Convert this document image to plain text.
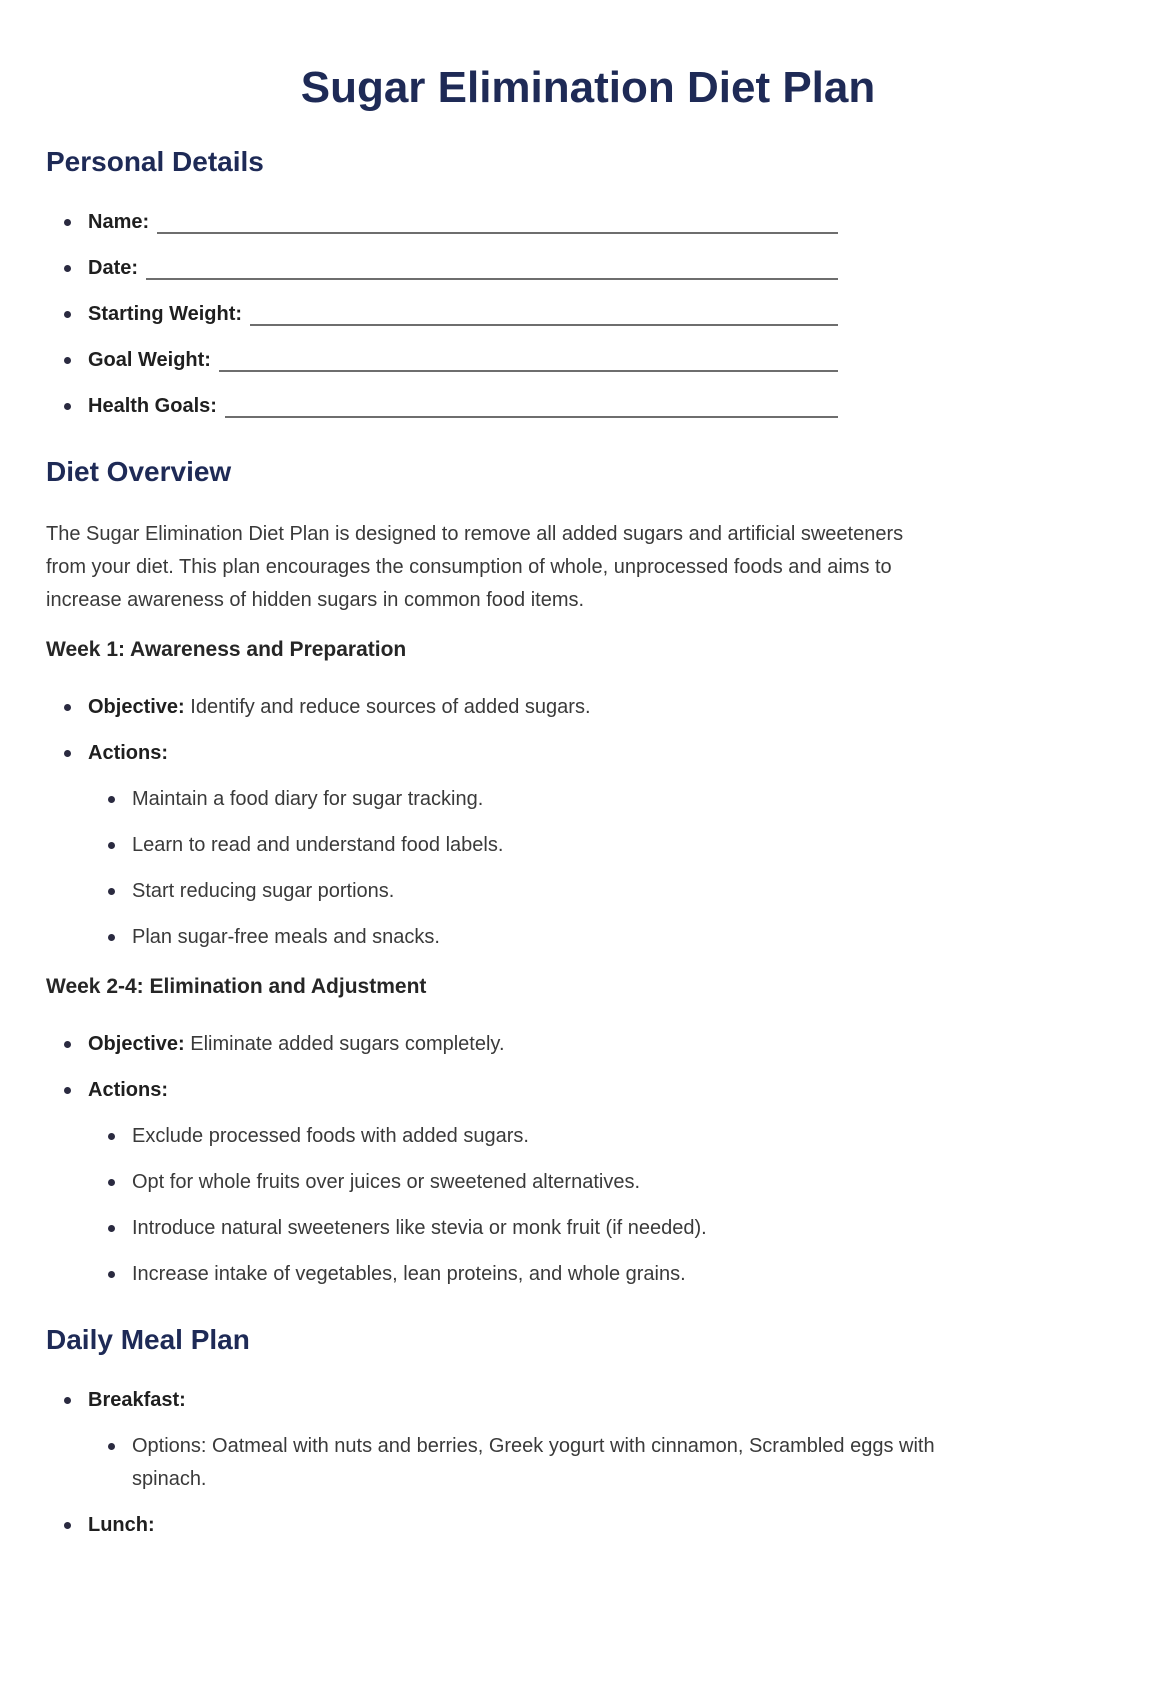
Sugar Elimination Diet Plan
Personal Details
Name:
Date:
Starting Weight:
Goal Weight:
Health Goals:
Diet Overview

The Sugar Elimination Diet Plan is designed to remove all added sugars and artificial sweeteners
from your diet. This plan encourages the consumption of whole, unprocessed foods and aims to
increase awareness of hidden sugars in common food items.

Week 1: Awareness and Preparation
Objective: Identify and reduce sources of added sugars.
Actions:
Maintain a food diary for sugar tracking.
Learn to read and understand food labels.
Start reducing sugar portions.
Plan sugar-free meals and snacks.
Week 2-4: Elimination and Adjustment
Objective: Eliminate added sugars completely.
Actions:
Exclude processed foods with added sugars.
Opt for whole fruits over juices or sweetened alternatives.
Introduce natural sweeteners like stevia or monk fruit (if needed).
Increase intake of vegetables, lean proteins, and whole grains.
Daily Meal Plan
Breakfast:
Options: Oatmeal with nuts and berries, Greek yogurt with cinnamon, Scrambled eggs with
spinach.
Lunch:
